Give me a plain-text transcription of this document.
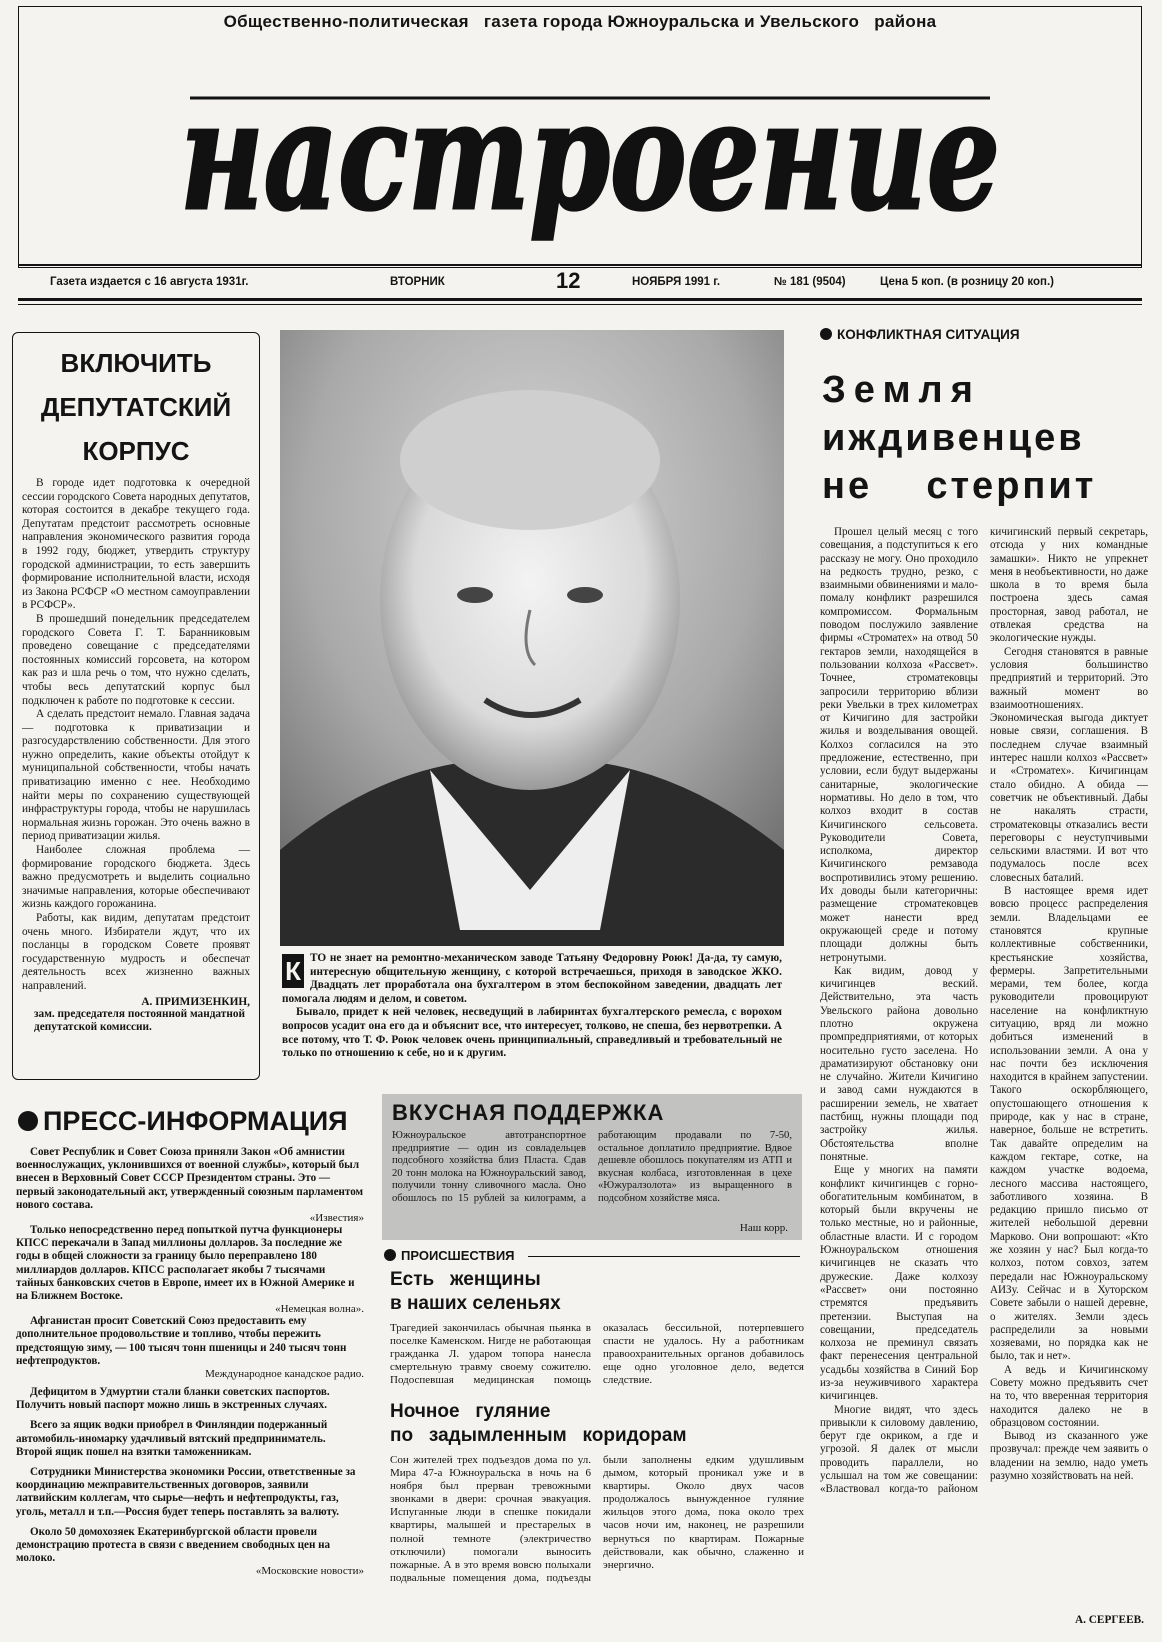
Общественно-политическая   газета города Южноуральска и Увельского   района
настроение
Газета издается с 16 августа 1931г.	ВТОРНИК	12	НОЯБРЯ 1991 г.	№ 181 (9504)	Цена 5 коп. (в розницу 20 коп.)
ВКЛЮЧИТЬ ДЕПУТАТСКИЙ КОРПУС

В городе идет подготовка к очередной сессии городского Совета народных депутатов, которая состоится в декабре текущего года. Депутатам предстоит рассмотреть основные направления экономического развития города в 1992 году, бюджет, утвердить структуру городской администрации, то есть завершить формирование исполнительной власти, исходя из Закона РСФСР «О местном самоуправлении в РСФСР».

В прошедший понедельник председателем городского Совета Г. Т. Баранниковым проведено совещание с председателями постоянных комиссий горсовета, на котором как раз и шла речь о том, что нужно сделать, чтобы весь депутатский корпус был подключен к работе по подготовке к сессии.

А сделать предстоит немало. Главная задача — подготовка к приватизации и разгосударствлению собственности. Для этого нужно определить, какие объекты отойдут к муниципальной собственности, чтобы начать приватизацию именно с нее. Необходимо найти меры по сохранению существующей инфраструктуры города, чтобы не нарушилась нормальная жизнь горожан. Это очень важно в период приватизации жилья.

Наиболее сложная проблема — формирование городского бюджета. Здесь важно предусмотреть и выделить социально значимые направления, которые обеспечивают жизнь каждого горожанина.

Работы, как видим, депутатам предстоит очень много. Избиратели ждут, что их посланцы в городском Совете проявят государственную мудрость и обеспечат деятельность всех жизненно важных направлений.

А. ПРИМИЗЕНКИН,
зам. председателя постоянной мандатной депутатской комиссии.
К ТО не знает на ремонтно-механическом заводе Татьяну Федоровну Роюк! Да-да, ту самую, интересную общительную женщину, с которой встречаешься, приходя в заводское ЖКО. Двадцать лет проработала она бухгалтером в этом беспокойном заведении, двадцать лет помогала людям и делом, и советом.
Бывало, придет к ней человек, несведущий в лабиринтах бухгалтерского ремесла, с ворохом вопросов усадит она его да и объяснит все, что интересует, толково, не спеша, без нервотрепки. А все потому, что Т. Ф. Роюк человек очень принципиальный, справедливый и требовательный не только по отношению к себе, но и к другим.
КОНФЛИКТНАЯ СИТУАЦИЯ
Земля
иждивенцев
не    стерпит

Прошел целый месяц с того совещания, а подступиться к его рассказу не могу. Оно проходило на редкость трудно, резко, с взаимными обвинениями и мало-помалу конфликт разрешился компромиссом. Формальным поводом послужило заявление фирмы «Строматех» на отвод 50 гектаров земли, находящейся в пользовании колхоза «Рассвет». Точнее, строматековцы запросили территорию вблизи реки Увельки в трех километрах от Кичигино для застройки жилья и возделывания овощей. Колхоз согласился на это предложение, естественно, при условии, если будут выдержаны санитарные, экологические нормативы. Но дело в том, что колхоз входит в состав Кичигинского сельсовета. Руководители Совета, исполкома, директор Кичигинского ремзавода воспротивились этому решению. Их доводы были категоричны: размещение строматековцев может нанести вред окружающей среде и потому площади должны быть нетронутыми.

Как видим, довод у кичигинцев веский. Действительно, эта часть Увельского района довольно плотно окружена промпредприятиями, от которых носительно густо заселена. Но драматизируют обстановку они не случайно. Жители Кичигино и завод сами нуждаются в расширении земель, не хватает пастбищ, нужны площади под застройку жилья. Обстоятельства вполне понятные.

Еще у многих на памяти конфликт кичигинцев с горно-обогатительным комбинатом, в который были вкручены не только местные, но и районные, областные власти. И с городом Южноуральском отношения кичигинцев не сказать что дружеские. Даже колхозу «Рассвет» они постоянно стремятся предъявить претензии. Выступая на совещании, председатель колхоза не преминул связать факт перенесения центральной усадьбы хозяйства в Синий Бор из-за неуживчивого характера кичигинцев.

Многие видят, что здесь привыкли к силовому давлению, берут где окриком, а где и угрозой. Я далек от мысли проводить параллели, но услышал на том же совещании: «Властвовал когда-то районом кичигинский первый секретарь, отсюда у них командные замашки». Никто не упрекнет меня в необъективности, но даже школа в то время была построена здесь самая просторная, завод работал, не отвлекая средства на экологические нужды.

Сегодня становятся в равные условия большинство предприятий и территорий. Это важный момент во взаимоотношениях. Экономическая выгода диктует новые связи, соглашения. В последнем случае взаимный интерес нашли колхоз «Рассвет» и «Строматех». Кичигинцам стало обидно. А обида — советчик не объективный. Дабы не накалять страсти, строматековцы отказались вести переговоры с неуступчивыми сельскими властями. И вот что подумалось после всех словесных баталий.

В настоящее время идет вовсю процесс распределения земли. Владельцами ее становятся крупные коллективные собственники, крестьянские хозяйства, фермеры. Запретительными мерами, тем более, когда руководители провоцируют население на конфликтную ситуацию, вряд ли можно добиться изменений в использовании земли. А она у нас почти без исключения находится в крайнем запустении. Такого оскорбляющего, опустошающего отношения к природе, как у нас в стране, наверное, больше не встретить. Так давайте определим на каждом гектаре, сотке, на каждом участке водоема, лесного массива настоящего, заботливого хозяина. В редакцию пришло письмо от жителей небольшой деревни Марково. Они вопрошают: «Кто же хозяин у нас? Был когда-то колхоз, потом совхоз, затем передали нас Южноуральскому АИЗу. Сейчас и в Хуторском Совете забыли о нашей деревне, о жителях. Земли здесь распределили за новыми хозяевами, но порядка как не было, так и нет».

А ведь и Кичигинскому Совету можно предъявить счет на то, что вверенная территория находится далеко не в образцовом состоянии.

Вывод из сказанного уже прозвучал: прежде чем заявить о владении на землю, надо уметь разумно хозяйствовать на ней.

А. СЕРГЕЕВ.
ПРЕСС-ИНФОРМАЦИЯ

Совет Республик и Совет Союза приняли Закон «Об амнистии военнослужащих, уклонившихся от военной службы», который был внесен в Верховный Совет СССР Президентом страны. Это — первый законодательный акт, утвержденный союзным парламентом нового состава.

«Известия»

Только непосредственно перед попыткой путча функционеры КПСС перекачали в Запад миллионы долларов. За последние же годы в общей сложности за границу было переправлено 180 миллиардов долларов. КПСС располагает якобы 7 тысячами тайных банковских счетов в Европе, имеет их в Южной Америке и на Ближнем Востоке.

«Немецкая волна».

Афганистан просит Советский Союз предоставить ему дополнительное продовольствие и топливо, чтобы пережить предстоящую зиму, — 100 тысяч тонн пшеницы и 240 тысяч тонн нефтепродуктов.

Международное канадское радио.

Дефицитом в Удмуртии стали бланки советских паспортов. Получить новый паспорт можно лишь в экстренных случаях.

Всего за ящик водки приобрел в Финляндии подержанный автомобиль-иномарку удачливый вятский предприниматель. Второй ящик пошел на взятки таможенникам.

Сотрудники Министерства экономики России, ответственные за координацию межправительственных договоров, заявили латвийским коллегам, что сырье—нефть и нефтепродукты, газ, уголь, металл и т.п.—Россия будет теперь поставлять за валюту.

Около 50 домохозяек Екатеринбургской области провели демонстрацию протеста в связи с введением свободных цен на молоко.

«Московские новости»
ВКУСНАЯ ПОДДЕРЖКА
Южноуральское автотранспортное предприятие — один из совладельцев подсобного хозяйства близ Пласта. Сдав 20 тонн молока на Южноуральский завод, получили тонну сливочного масла. Оно обошлось по 15 рублей за килограмм, а работающим продавали по 7-50, остальное доплатило предприятие. Вдвое дешевле обошлось покупателям из АТП и вкусная колбаса, изготовленная в цехе «Южуралзолота» из выращенного в подсобном хозяйстве мяса.
Наш корр.
ПРОИСШЕСТВИЯ
Есть   женщины
в наших селеньях
Трагедией закончилась обычная пьянка в поселке Каменском. Нигде не работающая гражданка Л. ударом топора нанесла смертельную травму своему сожителю. Подоспевшая медицинская помощь оказалась бессильной, потерпевшего спасти не удалось. Ну а работникам правоохранительных органов добавилось еще одно уголовное дело, ведется следствие.
Ночное   гуляние
по   задымленным   коридорам
Сон жителей трех подъездов дома по ул. Мира 47-а Южноуральска в ночь на 6 ноября был прерван тревожными звонками в двери: срочная эвакуация. Испуганные люди в спешке покидали квартиры, малышей и престарелых в полной темноте (электричество отключили) помогали выносить пожарные. А в это время вовсю полыхали подвальные помещения дома, подъезды были заполнены едким удушливым дымом, который проникал уже и в квартиры. Около двух часов продолжалось вынужденное гуляние жильцов этого дома, пока около трех часов ночи им, наконец, не разрешили вернуться по квартирам. Пожарные действовали, как обычно, слаженно и энергично.
